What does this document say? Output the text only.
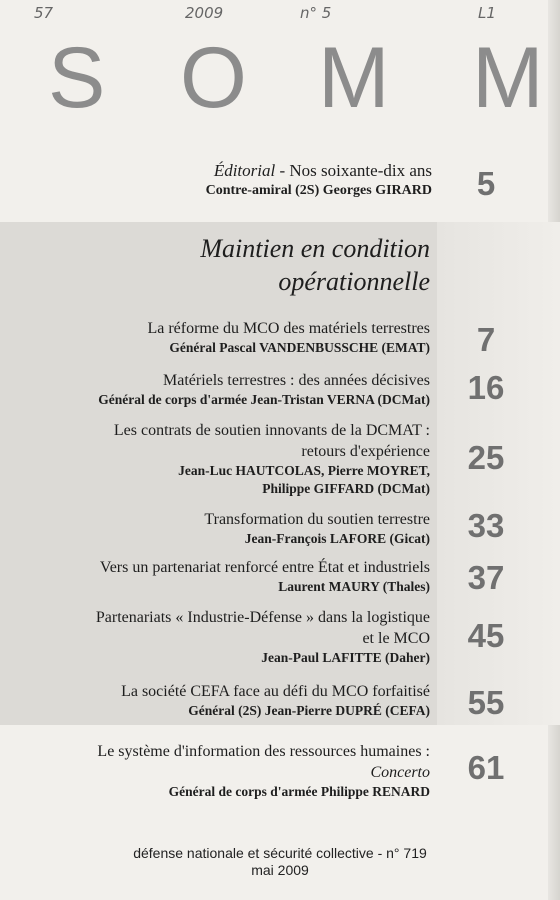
57	2009	n° 5	L1
S O M M
Éditorial - Nos soixante-dix ans
Contre-amiral (2S) Georges GIRARD	5
Maintien en condition
opérationnelle
La réforme du MCO des matériels terrestres
Général Pascal VANDENBUSSCHE (EMAT)	7
Matériels terrestres : des années décisives
Général de corps d'armée Jean-Tristan VERNA (DCMat)	16
Les contrats de soutien innovants de la DCMAT :
retours d'expérience
Jean-Luc HAUTCOLAS, Pierre MOYRET,
Philippe GIFFARD (DCMat)
25
Transformation du soutien terrestre
Jean-François LAFORE (Gicat)	33
Vers un partenariat renforcé entre État et industriels
Laurent MAURY (Thales)	37
Partenariats « Industrie-Défense » dans la logistique
et le MCO
Jean-Paul LAFITTE (Daher)
45
La société CEFA face au défi du MCO forfaitisé
Général (2S) Jean-Pierre DUPRÉ (CEFA)	55
Le système d'information des ressources humaines :
Concerto
Général de corps d'armée Philippe RENARD
61
défense nationale et sécurité collective - n° 719
mai 2009
